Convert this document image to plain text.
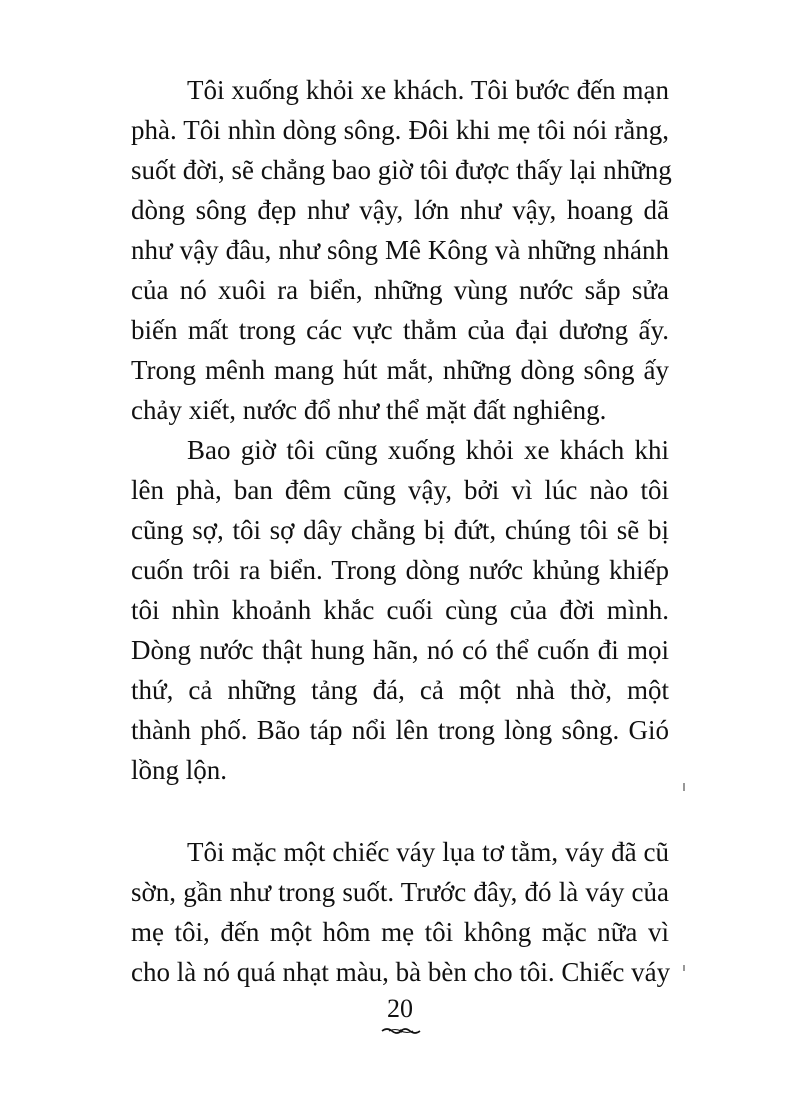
Tôi xuống khỏi xe khách. Tôi bước đến mạn
phà. Tôi nhìn dòng sông. Đôi khi mẹ tôi nói rằng,
suốt đời, sẽ chẳng bao giờ tôi được thấy lại những
dòng sông đẹp như vậy, lớn như vậy, hoang dã
như vậy đâu, như sông Mê Kông và những nhánh
của nó xuôi ra biển, những vùng nước sắp sửa
biến mất trong các vực thẳm của đại dương ấy.
Trong mênh mang hút mắt, những dòng sông ấy
chảy xiết, nước đổ như thể mặt đất nghiêng.
Bao giờ tôi cũng xuống khỏi xe khách khi
lên phà, ban đêm cũng vậy, bởi vì lúc nào tôi
cũng sợ, tôi sợ dây chằng bị đứt, chúng tôi sẽ bị
cuốn trôi ra biển. Trong dòng nước khủng khiếp
tôi nhìn khoảnh khắc cuối cùng của đời mình.
Dòng nước thật hung hãn, nó có thể cuốn đi mọi
thứ, cả những tảng đá, cả một nhà thờ, một
thành phố. Bão táp nổi lên trong lòng sông. Gió
lồng lộn.
Tôi mặc một chiếc váy lụa tơ tằm, váy đã cũ
sờn, gần như trong suốt. Trước đây, đó là váy của
mẹ tôi, đến một hôm mẹ tôi không mặc nữa vì
cho là nó quá nhạt màu, bà bèn cho tôi. Chiếc váy
20
